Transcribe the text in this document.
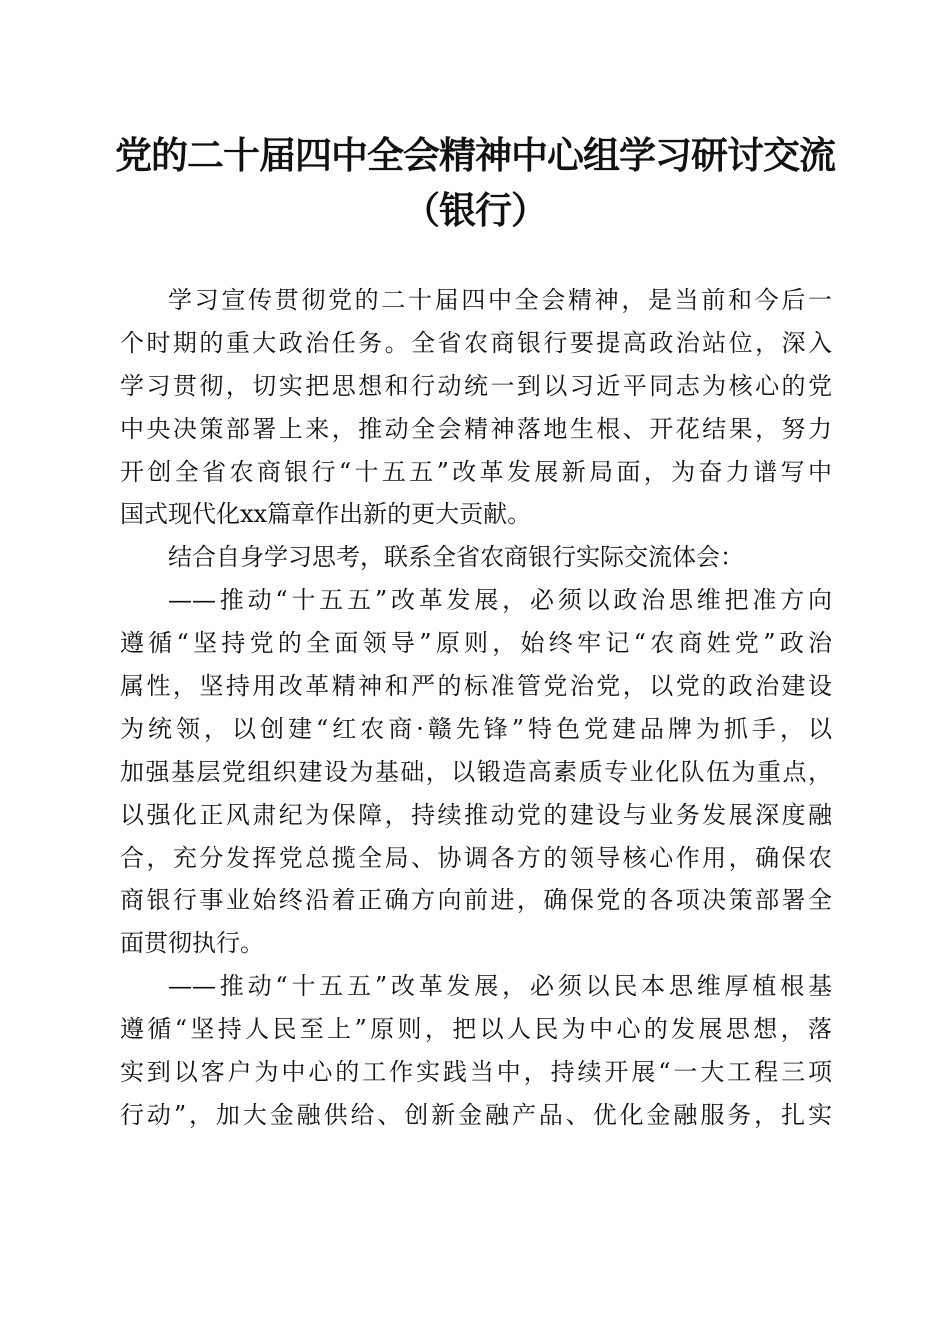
党的二十届四中全会精神中心组学习研讨交流
（银行）
学习宣传贯彻党的二十届四中全会精神，是当前和今后一
个时期的重大政治任务。全省农商银行要提高政治站位，深入
学习贯彻，切实把思想和行动统一到以习近平同志为核心的党
中央决策部署上来，推动全会精神落地生根、开花结果，努力
开创全省农商银行“十五五”改革发展新局面，为奋力谱写中
国式现代化xx篇章作出新的更大贡献。
结合自身学习思考，联系全省农商银行实际交流体会：
——推动“十五五”改革发展，必须以政治思维把准方向
遵循“坚持党的全面领导”原则，始终牢记“农商姓党”政治
属性，坚持用改革精神和严的标准管党治党，以党的政治建设
为统领，以创建“红农商·赣先锋”特色党建品牌为抓手，以
加强基层党组织建设为基础，以锻造高素质专业化队伍为重点，
以强化正风肃纪为保障，持续推动党的建设与业务发展深度融
合，充分发挥党总揽全局、协调各方的领导核心作用，确保农
商银行事业始终沿着正确方向前进，确保党的各项决策部署全
面贯彻执行。
——推动“十五五”改革发展，必须以民本思维厚植根基
遵循“坚持人民至上”原则，把以人民为中心的发展思想，落
实到以客户为中心的工作实践当中，持续开展“一大工程三项
行动”，加大金融供给、创新金融产品、优化金融服务，扎实
